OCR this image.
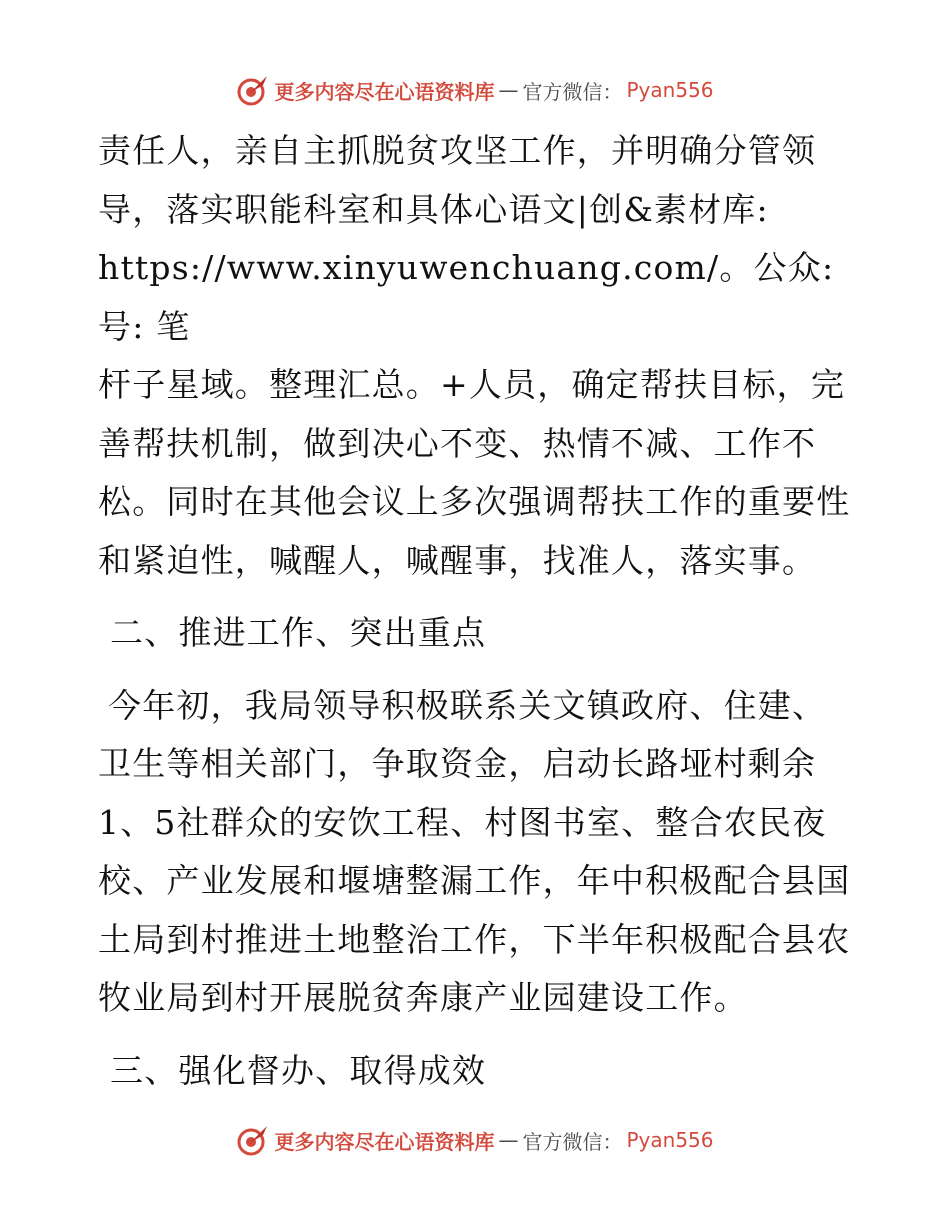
更多内容尽在心语资料库 — 官方微信： Pyan556

责任人，亲自主抓脱贫攻坚工作，并明确分管领

导，落实职能科室和具体心语文|创&素材库:

https://www.xinyuwenchuang.com/。公众:号: 笔

杆子星域。整理汇总。+人员，确定帮扶目标，完

善帮扶机制，做到决心不变、热情不减、工作不

松。同时在其他会议上多次强调帮扶工作的重要性

和紧迫性，喊醒人，喊醒事，找准人，落实事。

二、推进工作、突出重点

今年初，我局领导积极联系关文镇政府、住建、

卫生等相关部门，争取资金，启动长路垭村剩余

1、5社群众的安饮工程、村图书室、整合农民夜

校、产业发展和堰塘整漏工作，年中积极配合县国

土局到村推进土地整治工作，下半年积极配合县农

牧业局到村开展脱贫奔康产业园建设工作。

三、强化督办、取得成效

更多内容尽在心语资料库 — 官方微信： Pyan556
